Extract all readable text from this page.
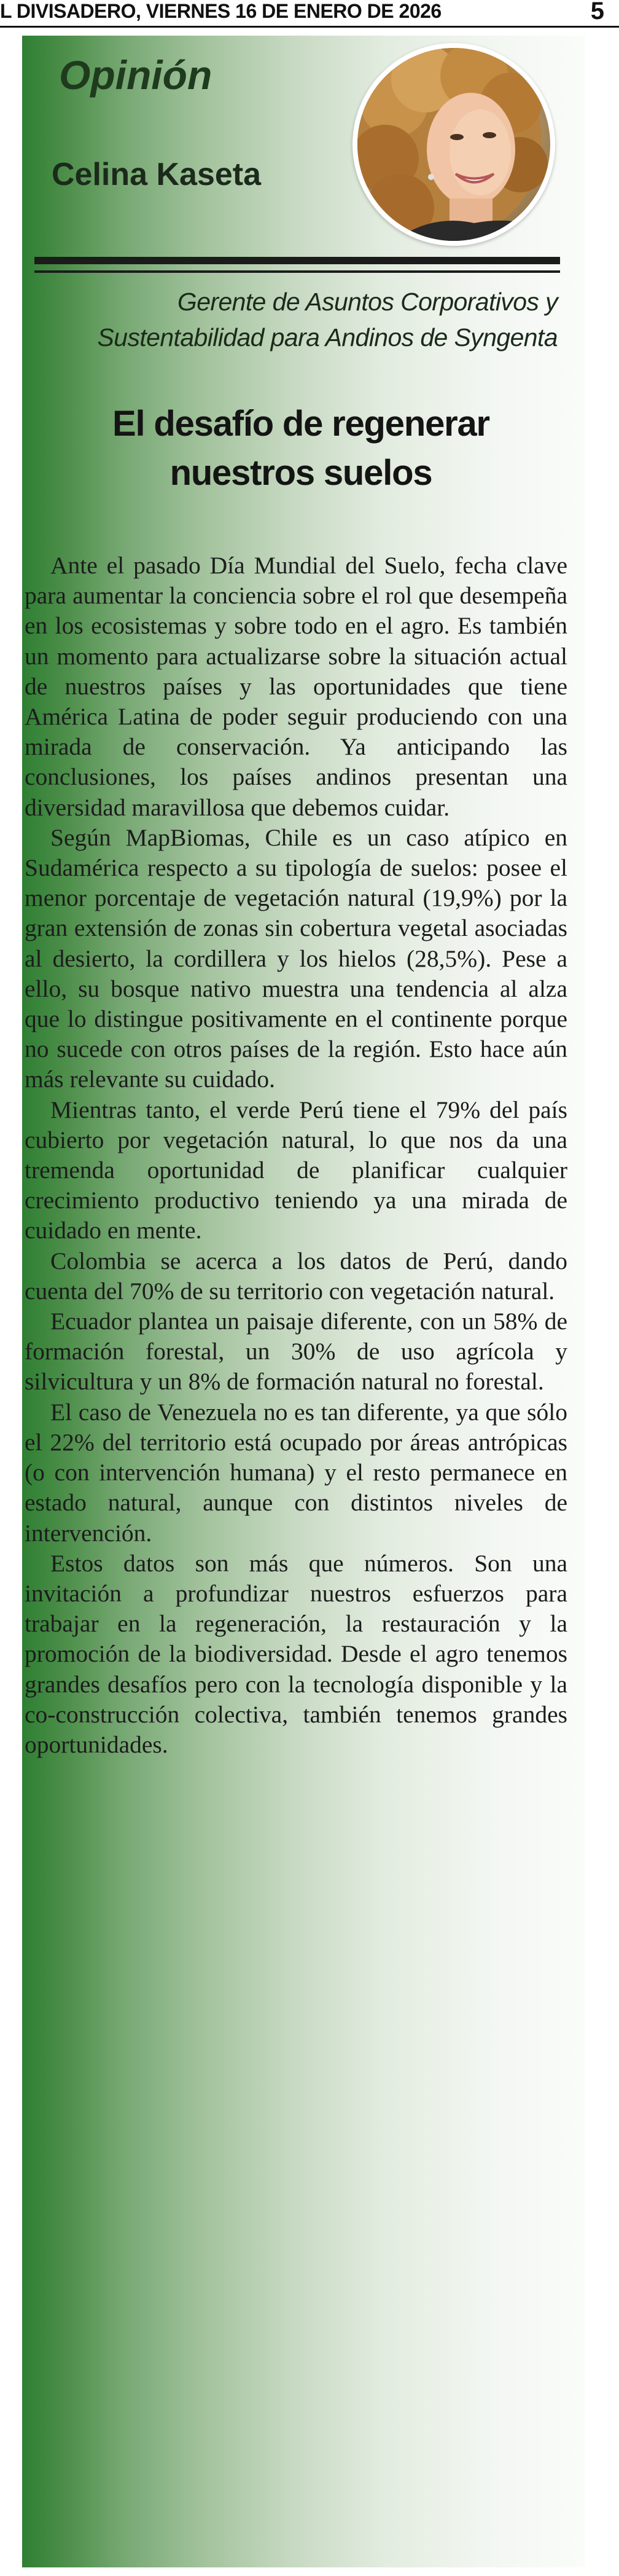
L DIVISADERO, VIERNES 16 DE ENERO DE 2026	5
Opinión
Celina Kaseta
Gerente de Asuntos Corporativos y
Sustentabilidad para Andinos de Syngenta
El desafío de regenerar
nuestros suelos

Ante el pasado Día Mundial del Suelo, fecha clave para aumentar la conciencia sobre el rol que desempeña en los ecosistemas y sobre todo en el agro. Es también un momento para actualizarse sobre la situación actual de nuestros países y las oportunidades que tiene América Latina de poder seguir produciendo con una mirada de conservación. Ya anticipando las conclusiones, los países andinos presentan una diversidad maravillosa que debemos cuidar.

Según MapBiomas, Chile es un caso atípico en Sudamérica respecto a su tipología de suelos: posee el menor porcentaje de vegetación natural (19,9%) por la gran extensión de zonas sin cobertura vegetal asociadas al desierto, la cordillera y los hielos (28,5%). Pese a ello, su bosque nativo muestra una tendencia al alza que lo distingue positivamente en el continente porque no sucede con otros países de la región. Esto hace aún más relevante su cuidado.

Mientras tanto, el verde Perú tiene el 79% del país cubierto por vegetación natural, lo que nos da una tremenda oportunidad de planificar cualquier crecimiento productivo teniendo ya una mirada de cuidado en mente.

Colombia se acerca a los datos de Perú, dando cuenta del 70% de su territorio con vegetación natural.

Ecuador plantea un paisaje diferente, con un 58% de formación forestal, un 30% de uso agrícola y silvicultura y un 8% de formación natural no forestal.

El caso de Venezuela no es tan diferente, ya que sólo el 22% del territorio está ocupado por áreas antrópicas (o con intervención humana) y el resto permanece en estado natural, aunque con distintos niveles de intervención.

Estos datos son más que números. Son una invitación a profundizar nuestros esfuerzos para trabajar en la regeneración, la restauración y la promoción de la biodiversidad. Desde el agro tenemos grandes desafíos pero con la tecnología disponible y la co-construcción colectiva, también tenemos grandes oportunidades.
